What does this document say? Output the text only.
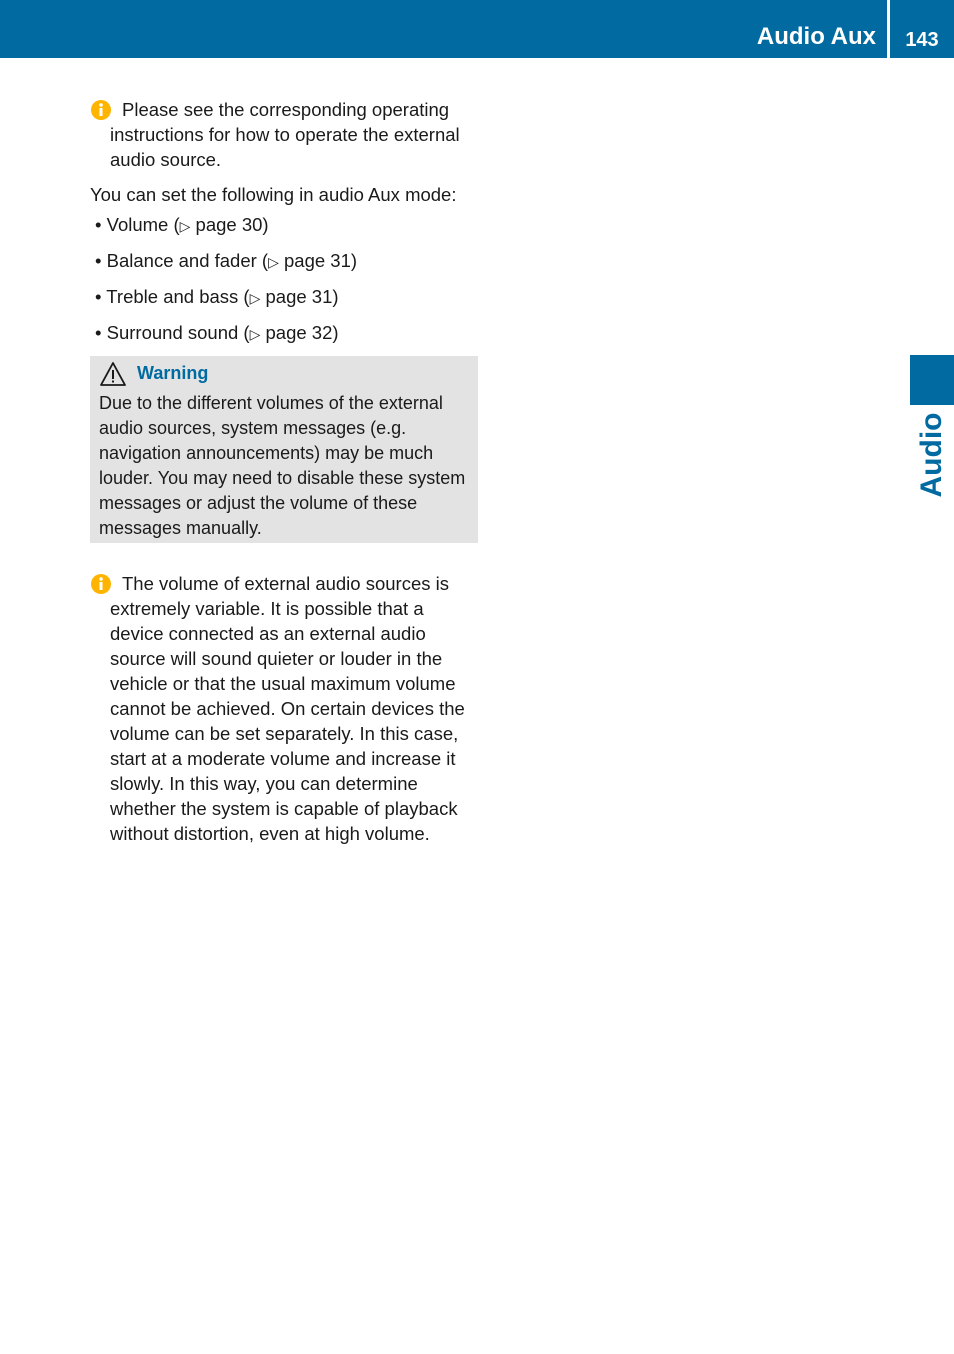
Audio Aux	143
Audio

Please see the corresponding operating instructions for how to operate the external audio source.

You can set the following in audio Aux mode:

• Volume (▷ page 30)
• Balance and fader (▷ page 31)
• Treble and bass (▷ page 31)
• Surround sound (▷ page 32)
Warning

Due to the different volumes of the external audio sources, system messages (e.g. navigation announcements) may be much louder. You may need to disable these system messages or adjust the volume of these messages manually.

The volume of external audio sources is extremely variable. It is possible that a device connected as an external audio source will sound quieter or louder in the vehicle or that the usual maximum volume cannot be achieved. On certain devices the volume can be set separately. In this case, start at a moderate volume and increase it slowly. In this way, you can determine whether the system is capable of playback without distortion, even at high volume.
